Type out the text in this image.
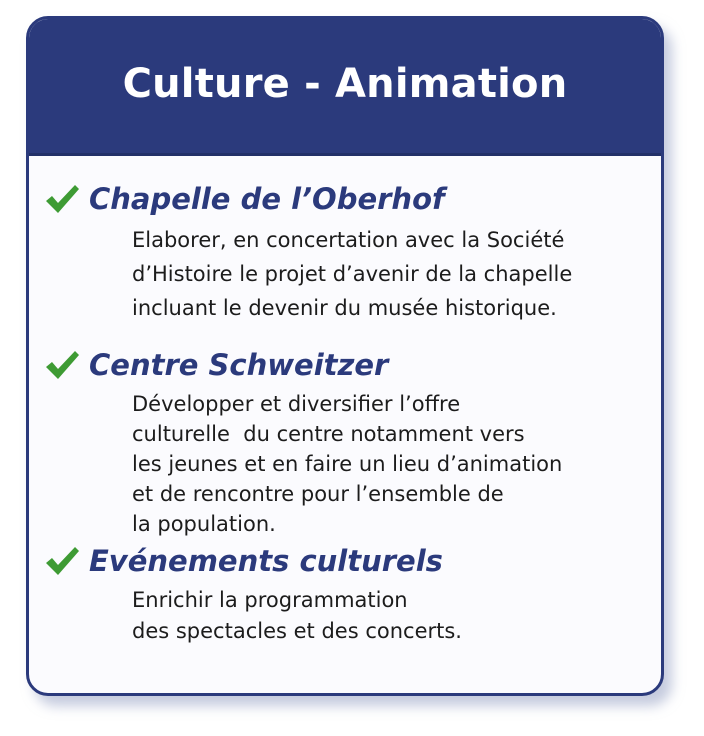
Culture - Animation
Chapelle de l’Oberhof
Elaborer, en concertation avec la Société
d’Histoire le projet d’avenir de la chapelle
incluant le devenir du musée historique.
Centre Schweitzer
Développer et diversifier l’offre
culturelle  du centre notamment vers
les jeunes et en faire un lieu d’animation
et de rencontre pour l’ensemble de
la population.
Evénements culturels
Enrichir la programmation
des spectacles et des concerts.
